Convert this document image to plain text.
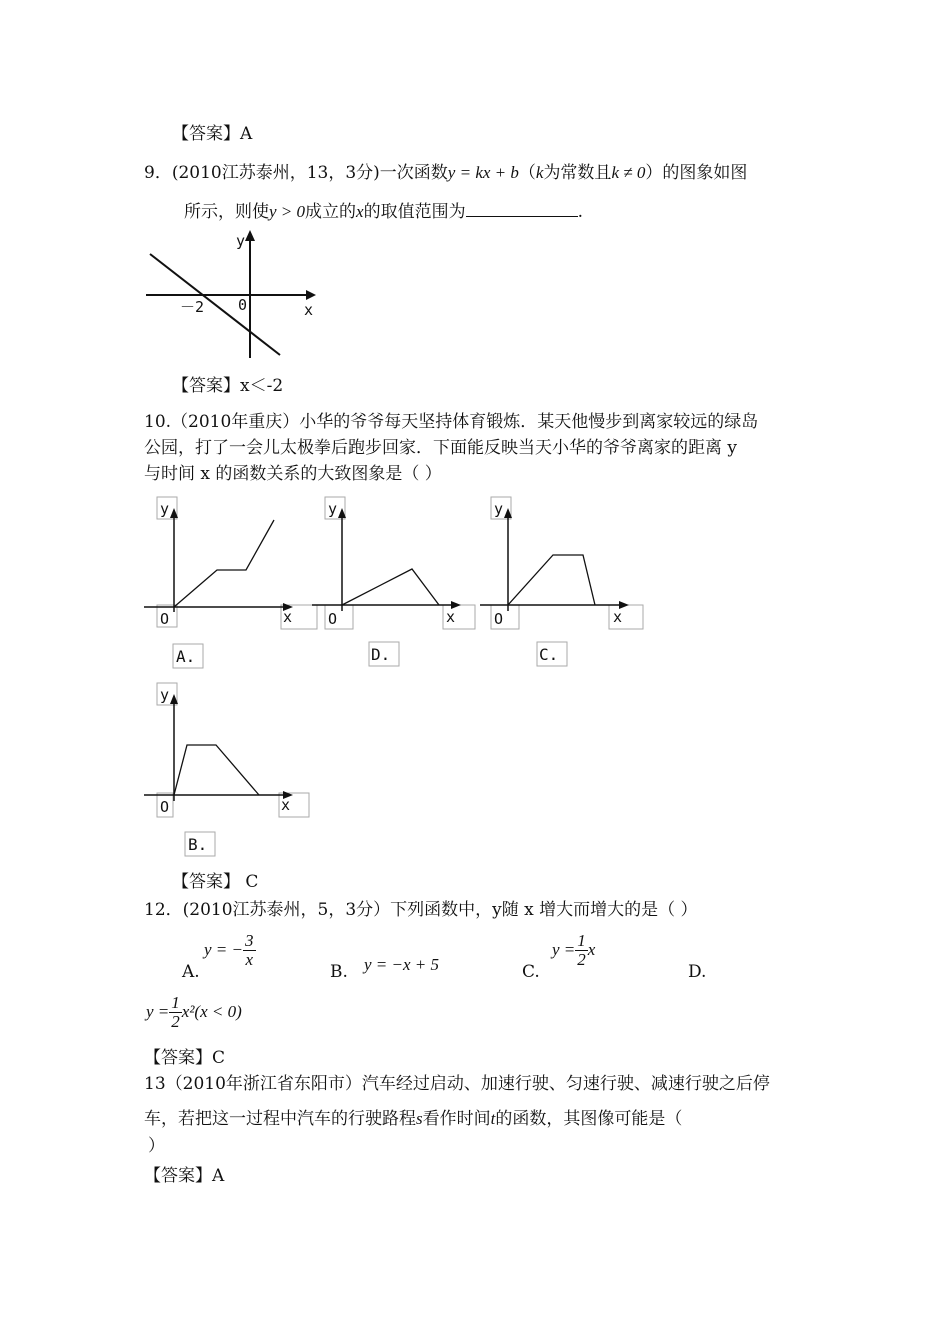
【答案】A
9．(2010江苏泰州，13，3分)一次函数y = kx + b（k为常数且k ≠ 0）的图象如图
所示，则使y > 0成立的x的取值范围为	.
y
x
－2 0
【答案】x＜-2
10.（2010年重庆）小华的爷爷每天坚持体育锻炼．某天他慢步到离家较远的绿岛
公园，打了一会儿太极拳后跑步回家．下面能反映当天小华的爷爷离家的距离 y
与时间 x 的函数关系的大致图象是（ ）
y
O	x
A.
y
O	x
D.
y
O	x
C.
y
O	x
B.
【答案】 C
12．(2010江苏泰州，5，3分）下列函数中，y随 x 增大而增大的是（ ）
A.
y = − $\frac{3}{x}$
B. y = −x + 5	C.
$y = \frac{1}{2}$ x
D.
$y = \frac{1}{2} x^2(x < 0)$
【答案】C
13（2010年浙江省东阳市）汽车经过启动、加速行驶、匀速行驶、减速行驶之后停
车，若把这一过程中汽车的行驶路程s看作时间t的函数，其图像可能是（
）
【答案】A
